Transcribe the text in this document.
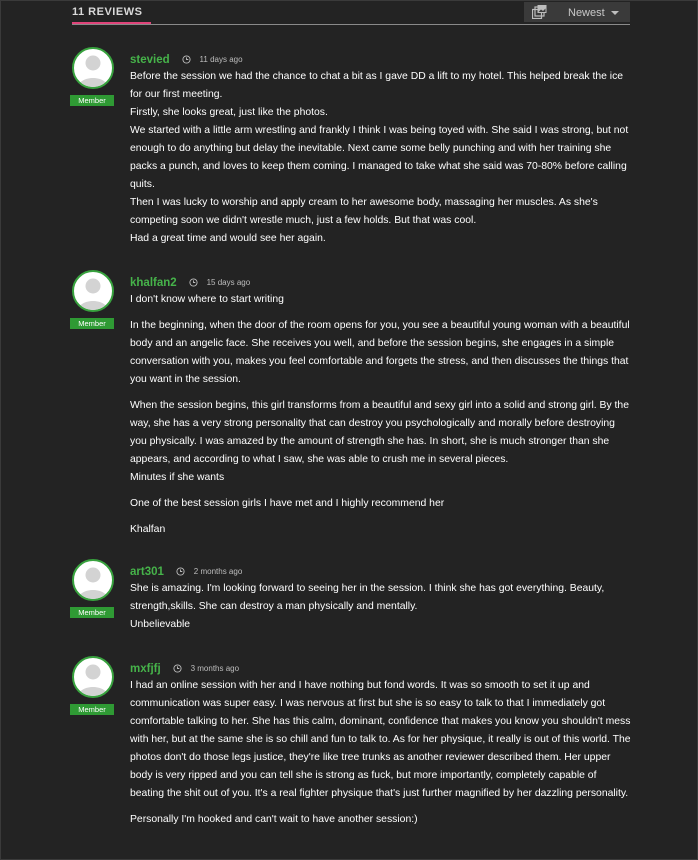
11 REVIEWS	Newest
Member
stevied	11 days ago

Before the session we had the chance to chat a bit as I gave DD a lift to my hotel. This helped break the ice for our first meeting.
Firstly, she looks great, just like the photos.
We started with a little arm wrestling and frankly I think I was being toyed with. She said I was strong, but not enough to do anything but delay the inevitable. Next came some belly punching and with her training she packs a punch, and loves to keep them coming. I managed to take what she said was 70-80% before calling quits.
Then I was lucky to worship and apply cream to her awesome body, massaging her muscles. As she's competing soon we didn't wrestle much, just a few holds. But that was cool.
Had a great time and would see her again.

Member
khalfan2	15 days ago

I don't know where to start writing

In the beginning, when the door of the room opens for you, you see a beautiful young woman with a beautiful body and an angelic face. She receives you well, and before the session begins, she engages in a simple conversation with you, makes you feel comfortable and forgets the stress, and then discusses the things that you want in the session.

When the session begins, this girl transforms from a beautiful and sexy girl into a solid and strong girl. By the way, she has a very strong personality that can destroy you psychologically and morally before destroying you physically. I was amazed by the amount of strength she has. In short, she is much stronger than she appears, and according to what I saw, she was able to crush me in several pieces.
Minutes if she wants

One of the best session girls I have met and I highly recommend her

Khalfan

Member
art301	2 months ago

She is amazing. I'm looking forward to seeing her in the session. I think she has got everything. Beauty, strength,skills. She can destroy a man physically and mentally.
Unbelievable

Member
mxfjfj	3 months ago

I had an online session with her and I have nothing but fond words. It was so smooth to set it up and communication was super easy. I was nervous at first but she is so easy to talk to that I immediately got comfortable talking to her. She has this calm, dominant, confidence that makes you know you shouldn't mess with her, but at the same she is so chill and fun to talk to. As for her physique, it really is out of this world. The photos don't do those legs justice, they're like tree trunks as another reviewer described them. Her upper body is very ripped and you can tell she is strong as fuck, but more importantly, completely capable of beating the shit out of you. It's a real fighter physique that's just further magnified by her dazzling personality.

Personally I'm hooked and can't wait to have another session:)
